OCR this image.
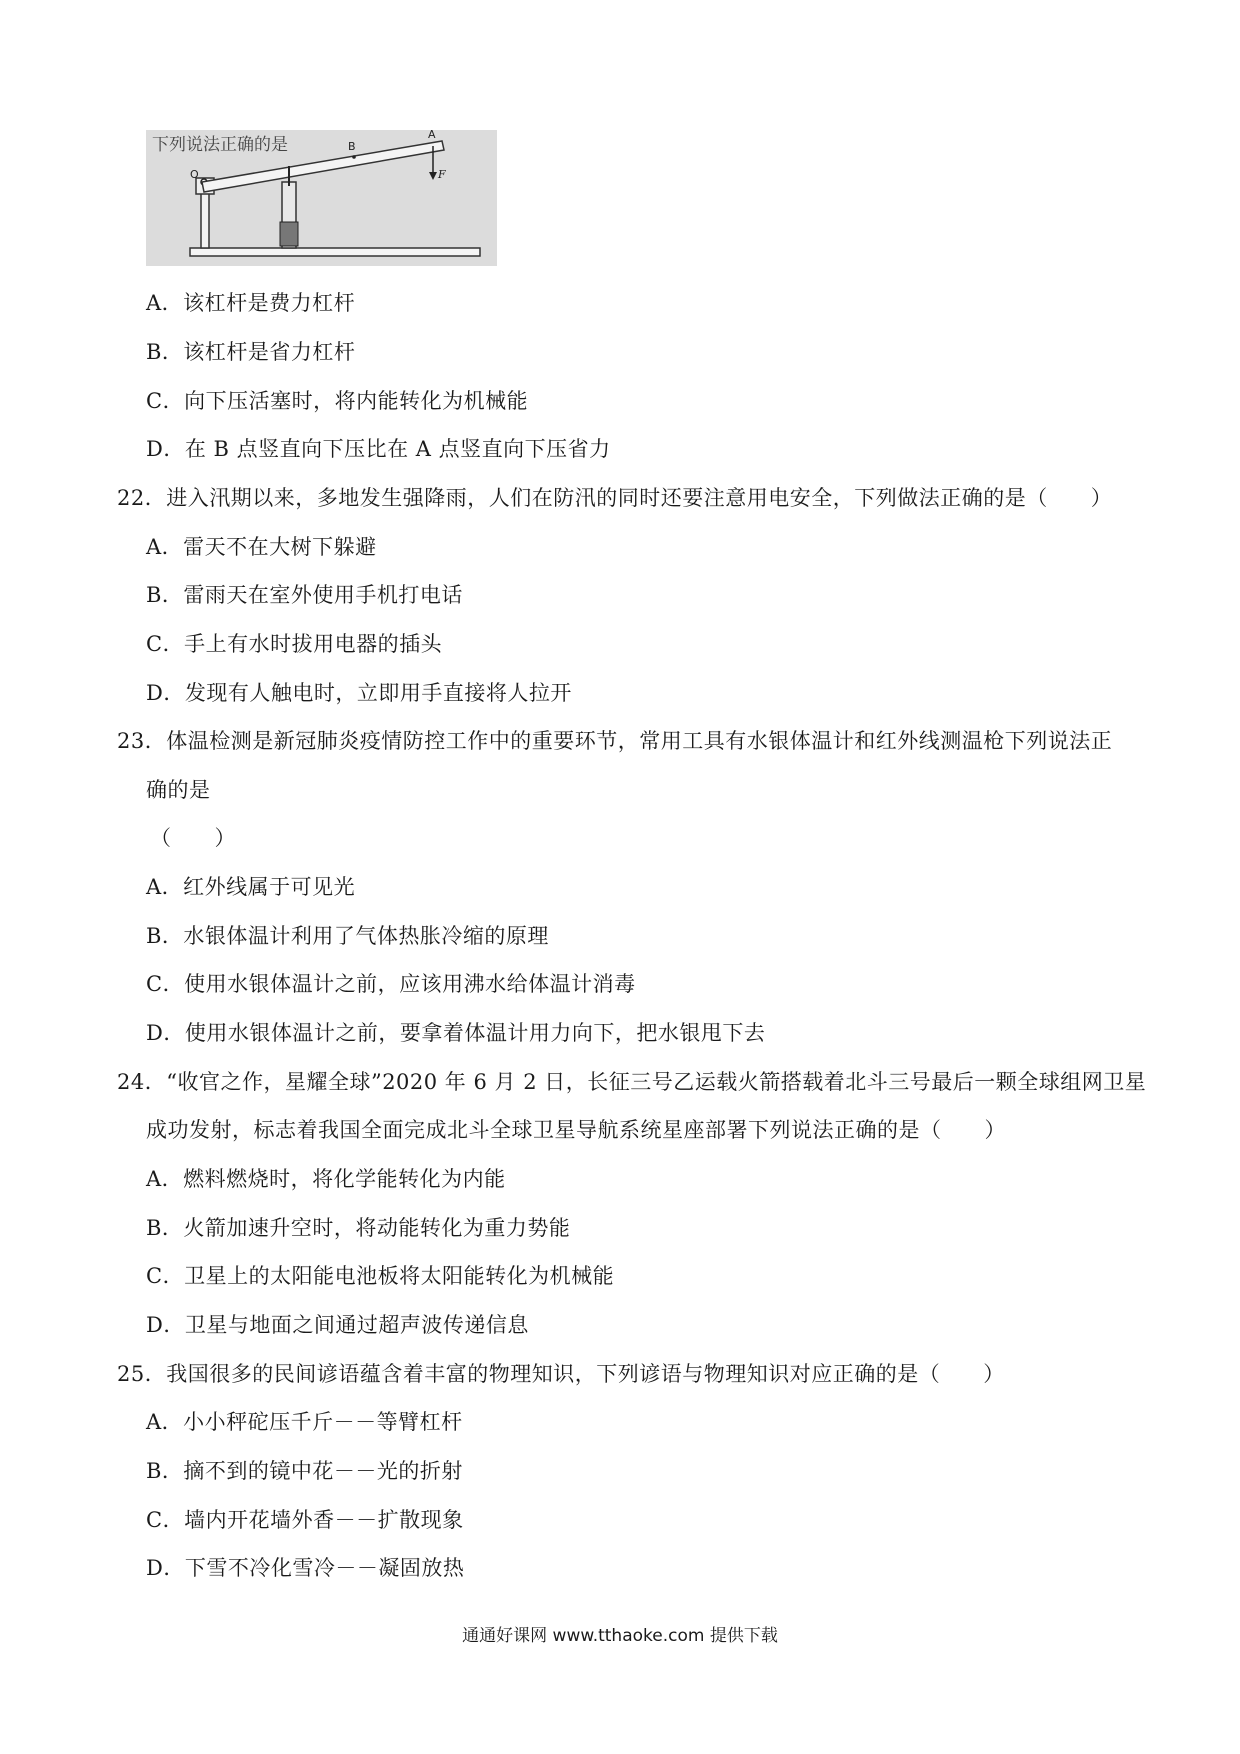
下列说法正确的是	B
A
O	F
A．该杠杆是费力杠杆
B．该杠杆是省力杠杆
C．向下压活塞时，将内能转化为机械能
D．在 B 点竖直向下压比在 A 点竖直向下压省力
22．进入汛期以来，多地发生强降雨，人们在防汛的同时还要注意用电安全，下列做法正确的是（　　）
A．雷天不在大树下躲避
B．雷雨天在室外使用手机打电话
C．手上有水时拔用电器的插头
D．发现有人触电时，立即用手直接将人拉开
23．体温检测是新冠肺炎疫情防控工作中的重要环节，常用工具有水银体温计和红外线测温枪下列说法正
确的是
（　　）
A．红外线属于可见光
B．水银体温计利用了气体热胀冷缩的原理
C．使用水银体温计之前，应该用沸水给体温计消毒
D．使用水银体温计之前，要拿着体温计用力向下，把水银甩下去
24．“收官之作，星耀全球”2020 年 6 月 2 日，长征三号乙运载火箭搭载着北斗三号最后一颗全球组网卫星
成功发射，标志着我国全面完成北斗全球卫星导航系统星座部署下列说法正确的是（　　）
A．燃料燃烧时，将化学能转化为内能
B．火箭加速升空时，将动能转化为重力势能
C．卫星上的太阳能电池板将太阳能转化为机械能
D．卫星与地面之间通过超声波传递信息
25．我国很多的民间谚语蕴含着丰富的物理知识，下列谚语与物理知识对应正确的是（　　）
A．小小秤砣压千斤－－等臂杠杆
B．摘不到的镜中花－－光的折射
C．墙内开花墙外香－－扩散现象
D．下雪不冷化雪冷－－凝固放热
通通好课网 www.tthaoke.com 提供下载
